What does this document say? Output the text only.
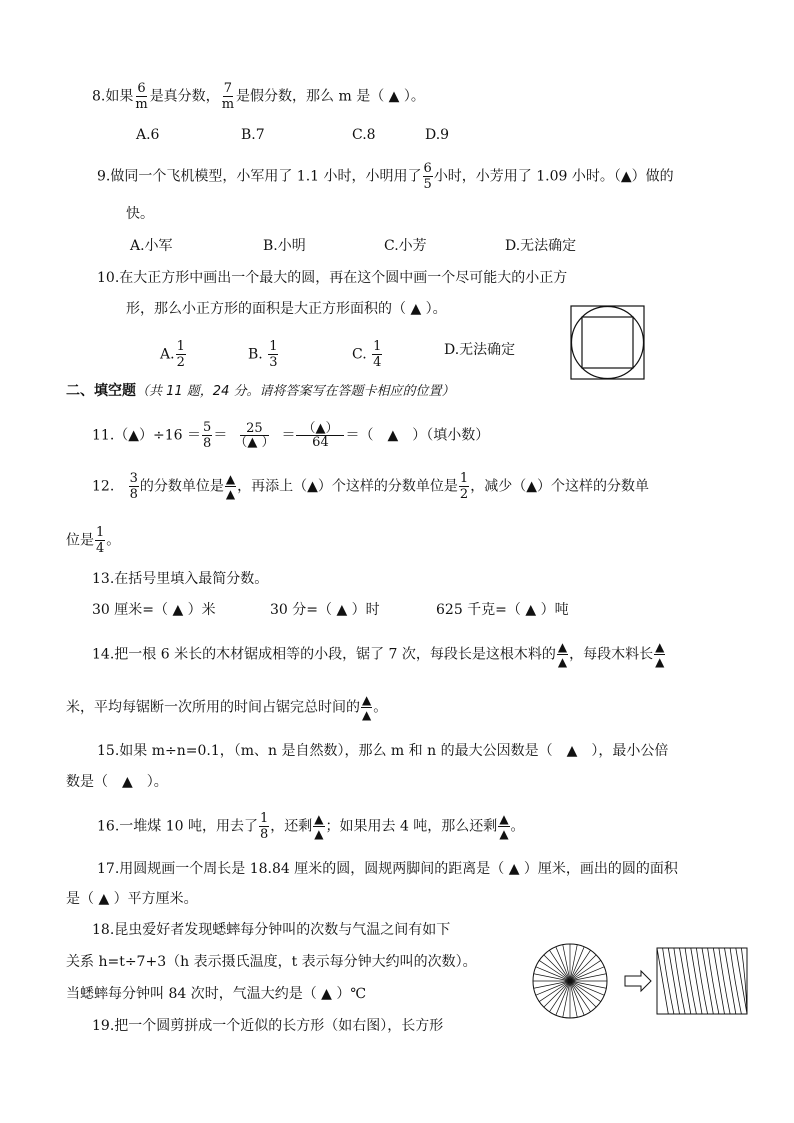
8.如果 $\frac{6}{m}$ 是真分数， $\frac{7}{m}$ 是假分数，那么 m 是（ ▲ ）。
A.6	B.7	C.8	D.9
9.做同一个飞机模型，小军用了 1.1 小时，小明用了 $\frac{6}{5}$ 小时，小芳用了 1.09 小时。（▲）做的
快。
A.小军	B.小明	C.小芳	D.无法确定
10.在大正方形中画出一个最大的圆，再在这个圆中画一个尽可能大的小正方
形，那么小正方形的面积是大正方形面积的（ ▲ ）。
A. $\frac{1}{2}$	B. $\frac{1}{3}$	C. $\frac{1}{4}$	D.无法确定
二、填空题（共 11 题，24 分。请将答案写在答题卡相应的位置）
11.（▲）÷16 ＝ $\frac{5}{8} = \frac{25}{(▲ )} = \frac{(▲)}{64}$ ＝（　▲　）（填小数）
12. $\frac{3}{8}$ 的分数单位是 $\frac{▲}{▲}$ ，再添上（▲）个这样的分数单位是 $\frac{1}{2}$ ，减少（▲）个这样的分数单
位是 $\frac{1}{4}$ 。
13.在括号里填入最简分数。
30 厘米=（ ▲ ）米	30 分=（ ▲ ）时	625 千克=（ ▲ ）吨
14.把一根 6 米长的木材锯成相等的小段，锯了 7 次，每段长是这根木料的 $\frac{▲}{▲}$ ，每段木料长 $\frac{▲}{▲}$
米，平均每锯断一次所用的时间占锯完总时间的 $\frac{▲}{▲}$ 。
15.如果 m÷n=0.1，（m、n 是自然数），那么 m 和 n 的最大公因数是（　▲　），最小公倍
数是（　▲　）。
16.一堆煤 10 吨，用去了 $\frac{1}{8}$ ，还剩 $\frac{▲}{▲}$ ；如果用去 4 吨，那么还剩 $\frac{▲}{▲}$ 。
17.用圆规画一个周长是 18.84 厘米的圆，圆规两脚间的距离是（ ▲ ）厘米，画出的圆的面积
是（ ▲ ）平方厘米。
18.昆虫爱好者发现蟋蟀每分钟叫的次数与气温之间有如下
关系 h=t÷7+3（h 表示摄氏温度，t 表示每分钟大约叫的次数）。
当蟋蟀每分钟叫 84 次时，气温大约是（ ▲ ）℃
19.把一个圆剪拼成一个近似的长方形（如右图），长方形
